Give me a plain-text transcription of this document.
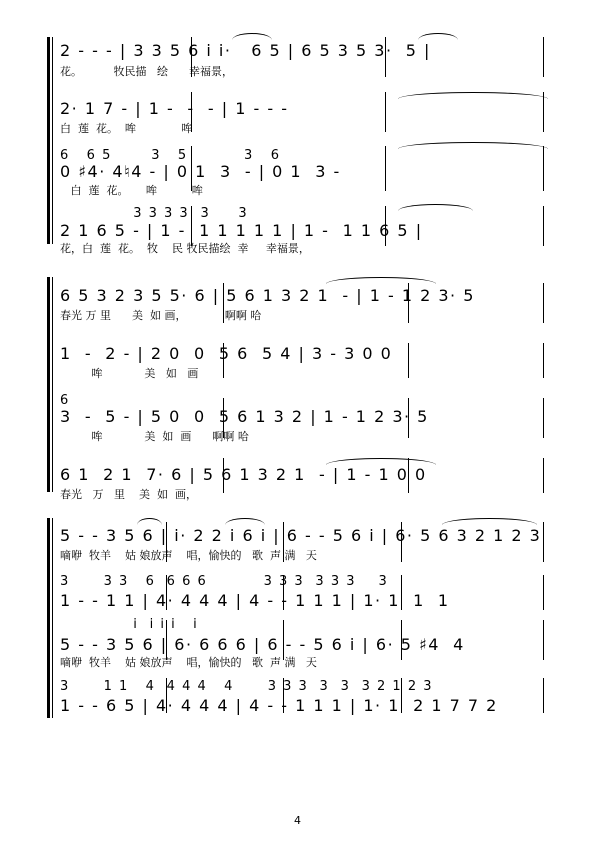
2 - - - | 3 3 5 6 i i·   6 5 | 6 5 3 5 3·  5 |
花。         牧民描   绘      幸福景，
2· 1 7 - | 1 -  -  - | 1 - - -
白  莲  花。  哞             哞
6   6 5       3   5          3   6
0 ♯4· 4♮4 - | 0 1  3  - | 0 1  3 -
白  莲  花。     哞          哞
3 3 3 3  3     3
2 1 6 5 - | 1 -  1 1 1 1 1 | 1 -  1 1 6 5 |
花，白  莲  花。  牧    民 牧民描绘  幸     幸福景，
6 5 3 2 3 5 5· 6 | 5 6 1 3 2 1  - | 1 - 1 2 3· 5
春光 万 里      美  如 画，           啊啊 哈
1  -  2 - | 2 0  0  5 6  5 4 | 3 - 3 0 0
哞            美   如   画
6
3  -  5 - | 5 0  0  5 6 1 3 2 | 1 - 1 2 3· 5
哞            美  如  画      啊啊 哈
6 1  2 1  7· 6 | 5 6 1 3 2 1  - | 1 - 1 0 0
春光   万   里    美  如  画，
5 - - 3 5 6 | i· 2 2 i 6 i | 6 - - 5 6 i | 6· 5 6 3 2 1 2 3
嘀咿  牧羊    姑 娘放声    唱，愉快的   歌  声 满   天
3      3 3   6  6 6 6          3 3 3  3 3 3    3
1 - - 1 1 | 4· 4 4 4 | 4 - - 1 1 1 | 1· 1  1  1
i  i i i   i
5 - - 3 5 6 | 6· 6 6 6 | 6 - - 5 6 i | 6· 5 ♯4  4
嘀咿  牧羊    姑 娘放声    唱，愉快的   歌  声 满   天
3      1 1   4  4 4 4   4      3 3 3  3  3  3 2 1 2 3
1 - - 6 5 | 4· 4 4 4 | 4 - - 1 1 1 | 1· 1  2 1 7 7 2
4
